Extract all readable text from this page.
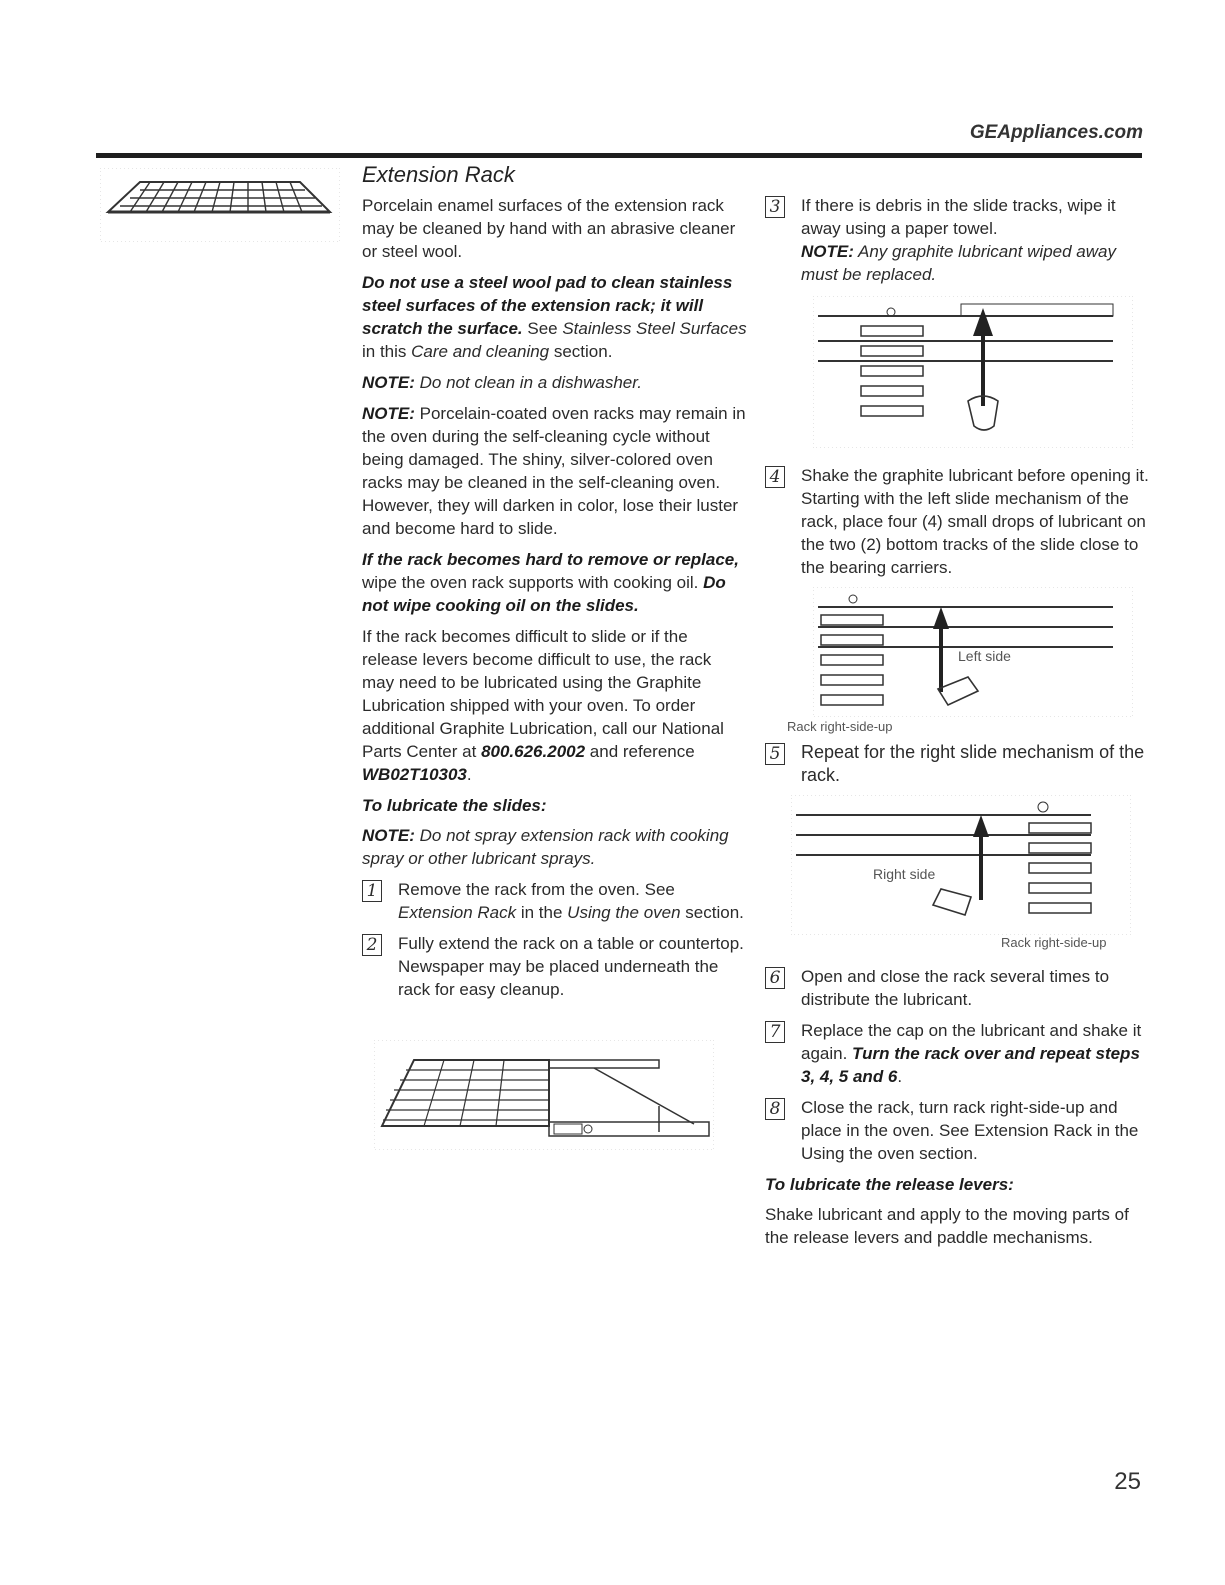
GEAppliances.com
Extension Rack

Porcelain enamel surfaces of the extension rack may be cleaned by hand with an abrasive cleaner or steel wool.

Do not use a steel wool pad to clean stainless steel surfaces of the extension rack; it will scratch the surface. See Stainless Steel Surfaces in this Care and cleaning section.

NOTE: Do not clean in a dishwasher.

NOTE: Porcelain-coated oven racks may remain in the oven during the self-cleaning cycle without being damaged. The shiny, silver-colored oven racks may be cleaned in the self-cleaning oven. However, they will darken in color, lose their luster and become hard to slide.

If the rack becomes hard to remove or replace, wipe the oven rack supports with cooking oil. Do not wipe cooking oil on the slides.

If the rack becomes difficult to slide or if the release levers become difficult to use, the rack may need to be lubricated using the Graphite Lubrication shipped with your oven. To order additional Graphite Lubrication, call our National Parts Center at 800.626.2002 and reference WB02T10303.

To lubricate the slides:

NOTE: Do not spray extension rack with cooking spray or other lubricant sprays.

1 Remove the rack from the oven. See Extension Rack in the Using the oven section.
2 Fully extend the rack on a table or countertop. Newspaper may be placed underneath the rack for easy cleanup.
3 If there is debris in the slide tracks, wipe it away using a paper towel.
NOTE: Any graphite lubricant wiped away must be replaced.
4 Shake the graphite lubricant before opening it. Starting with the left slide mechanism of the rack, place four (4) small drops of lubricant on the two (2) bottom tracks of the slide close to the bearing carriers.
Left side
Rack right-side-up
5 Repeat for the right slide mechanism of the rack.
Right side
Rack right-side-up
6 Open and close the rack several times to distribute the lubricant.
7 Replace the cap on the lubricant and shake it again. Turn the rack over and repeat steps 3, 4, 5 and 6.
8 Close the rack, turn rack right-side-up and place in the oven. See Extension Rack in the Using the oven section.

To lubricate the release levers:

Shake lubricant and apply to the moving parts of the release levers and paddle mechanisms.

25
